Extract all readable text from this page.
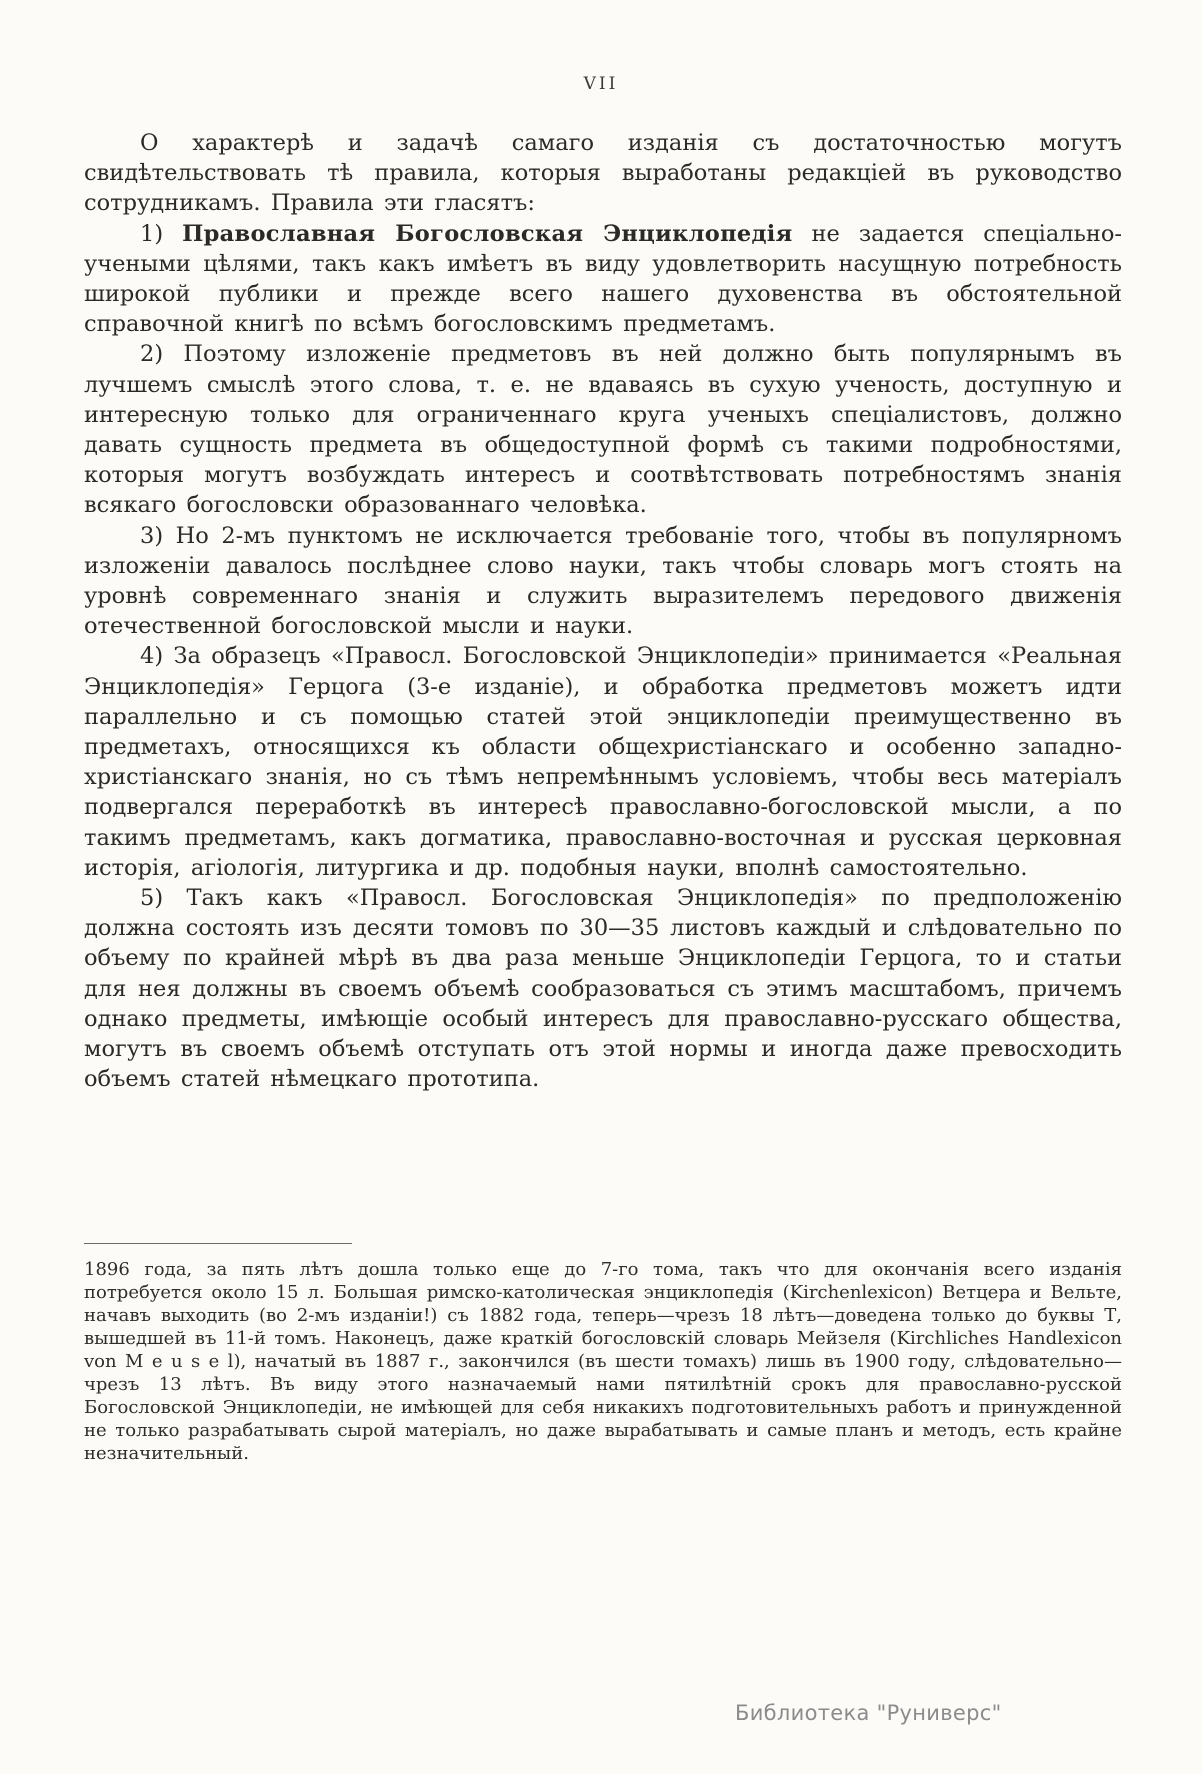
VII

О характерѣ и задачѣ самаго изданія съ достаточностью могутъ свидѣтельствовать тѣ правила, которыя выработаны редакціей въ руководство сотрудникамъ. Правила эти гласятъ:

1) Православная Богословская Энциклопедія не задается спеціально-учеными цѣлями, такъ какъ имѣетъ въ виду удовлетворить насущную потребность широкой публики и прежде всего нашего духовенства въ обстоятельной справочной книгѣ по всѣмъ богословскимъ предметамъ.

2) Поэтому изложеніе предметовъ въ ней должно быть популярнымъ въ лучшемъ смыслѣ этого слова, т. е. не вдаваясь въ сухую ученость, доступную и интересную только для ограниченнаго круга ученыхъ спеціалистовъ, должно давать сущность предмета въ общедоступной формѣ съ такими подробностями, которыя могутъ возбуждать интересъ и соотвѣтствовать потребностямъ знанія всякаго богословски образованнаго человѣка.

3) Но 2-мъ пунктомъ не исключается требованіе того, чтобы въ популярномъ изложеніи давалось послѣднее слово науки, такъ чтобы словарь могъ стоять на уровнѣ современнаго знанія и служить выразителемъ передового движенія отечественной богословской мысли и науки.

4) За образецъ «Правосл. Богословской Энциклопедіи» принимается «Реальная Энциклопедія» Герцога (3-е изданіе), и обработка предметовъ можетъ идти параллельно и съ помощью статей этой энциклопедіи преимущественно въ предметахъ, относящихся къ области общехристіанскаго и особенно западно-христіанскаго знанія, но съ тѣмъ непремѣннымъ условіемъ, чтобы весь матеріалъ подвергался переработкѣ въ интересѣ православно-богословской мысли, а по такимъ предметамъ, какъ догматика, православно-восточная и русская церковная исторія, агіологія, литургика и др. подобныя науки, вполнѣ самостоятельно.

5) Такъ какъ «Правосл. Богословская Энциклопедія» по предположенію должна состоять изъ десяти томовъ по 30—35 листовъ каждый и слѣдовательно по объему по крайней мѣрѣ въ два раза меньше Энциклопедіи Герцога, то и статьи для нея должны въ своемъ объемѣ сообразоваться съ этимъ масштабомъ, причемъ однако предметы, имѣющіе особый интересъ для православно-русскаго общества, могутъ въ своемъ объемѣ отступать отъ этой нормы и иногда даже превосходить объемъ статей нѣмецкаго прототипа.

1896 года, за пять лѣтъ дошла только еще до 7-го тома, такъ что для окончанія всего изданія потребуется около 15 л. Большая римско-католическая энциклопедія (Kirchenlexicon) Ветцера и Вельте, начавъ выходить (во 2-мъ изданіи!) съ 1882 года, теперь—чрезъ 18 лѣтъ—доведена только до буквы Т, вышедшей въ 11-й томъ. Наконецъ, даже краткій богословскій словарь Мейзеля (Kirchliches Handlexicon von M e u s e l), начатый въ 1887 г., закончился (въ шести томахъ) лишь въ 1900 году, слѣдовательно—чрезъ 13 лѣтъ. Въ виду этого назначаемый нами пятилѣтній срокъ для православно-русской Богословской Энциклопедіи, не имѣющей для себя никакихъ подготовительныхъ работъ и принужденной не только разрабатывать сырой матеріалъ, но даже вырабатывать и самые планъ и методъ, есть крайне незначительный.

Библиотека "Руниверс"
